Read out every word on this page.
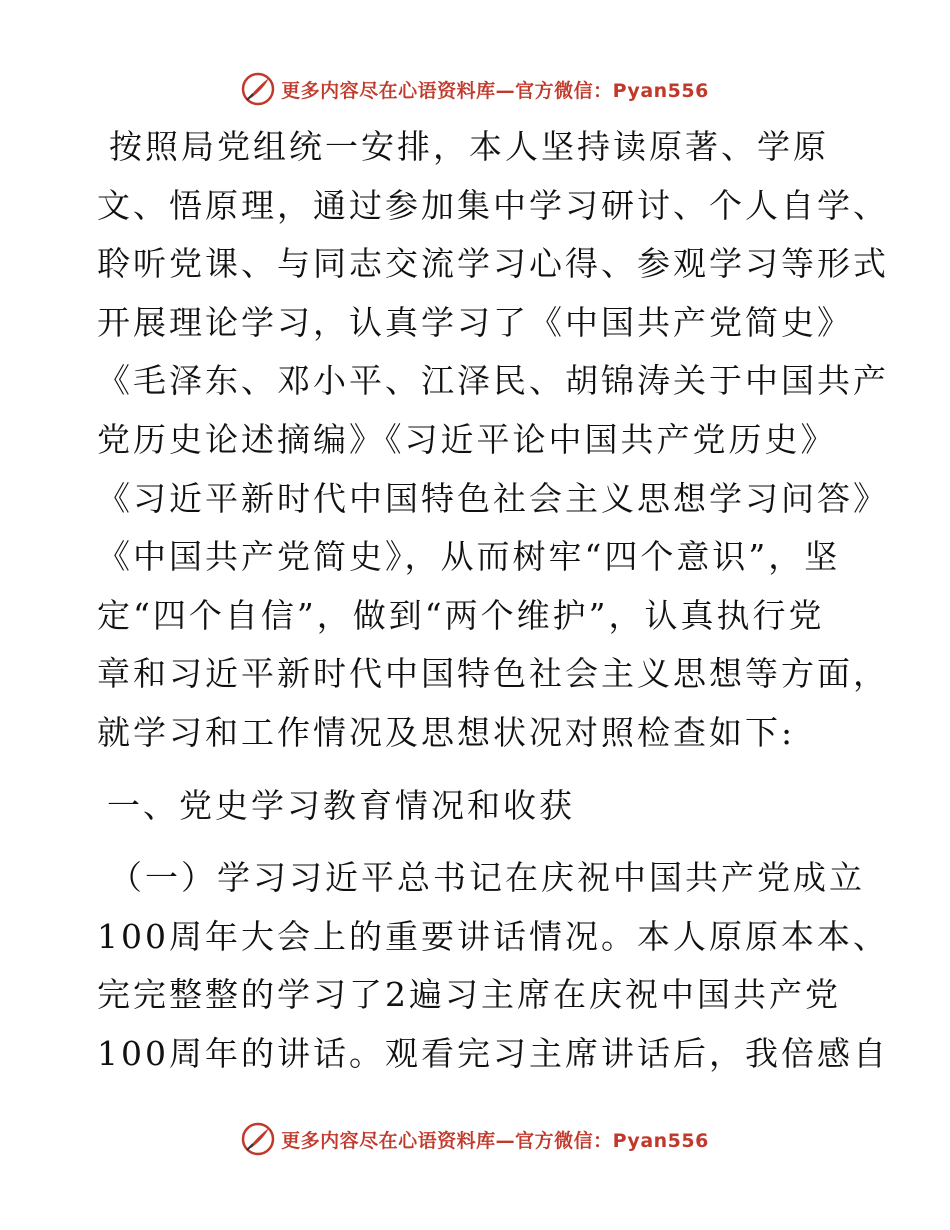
更多内容尽在心语资料库—官方微信：Pyan556
按照局党组统一安排，本人坚持读原著、学原
文、悟原理，通过参加集中学习研讨、个人自学、
聆听党课、与同志交流学习心得、参观学习等形式
开展理论学习，认真学习了《中国共产党简史》
《毛泽东、邓小平、江泽民、胡锦涛关于中国共产
党历史论述摘编》《习近平论中国共产党历史》
《习近平新时代中国特色社会主义思想学习问答》
《中国共产党简史》，从而树牢“四个意识”，坚
定“四个自信”，做到“两个维护”，认真执行党
章和习近平新时代中国特色社会主义思想等方面，
就学习和工作情况及思想状况对照检查如下:
一、党史学习教育情况和收获
（一）学习习近平总书记在庆祝中国共产党成立
100周年大会上的重要讲话情况。本人原原本本、
完完整整的学习了2遍习主席在庆祝中国共产党
100周年的讲话。观看完习主席讲话后，我倍感自
更多内容尽在心语资料库—官方微信：Pyan556
